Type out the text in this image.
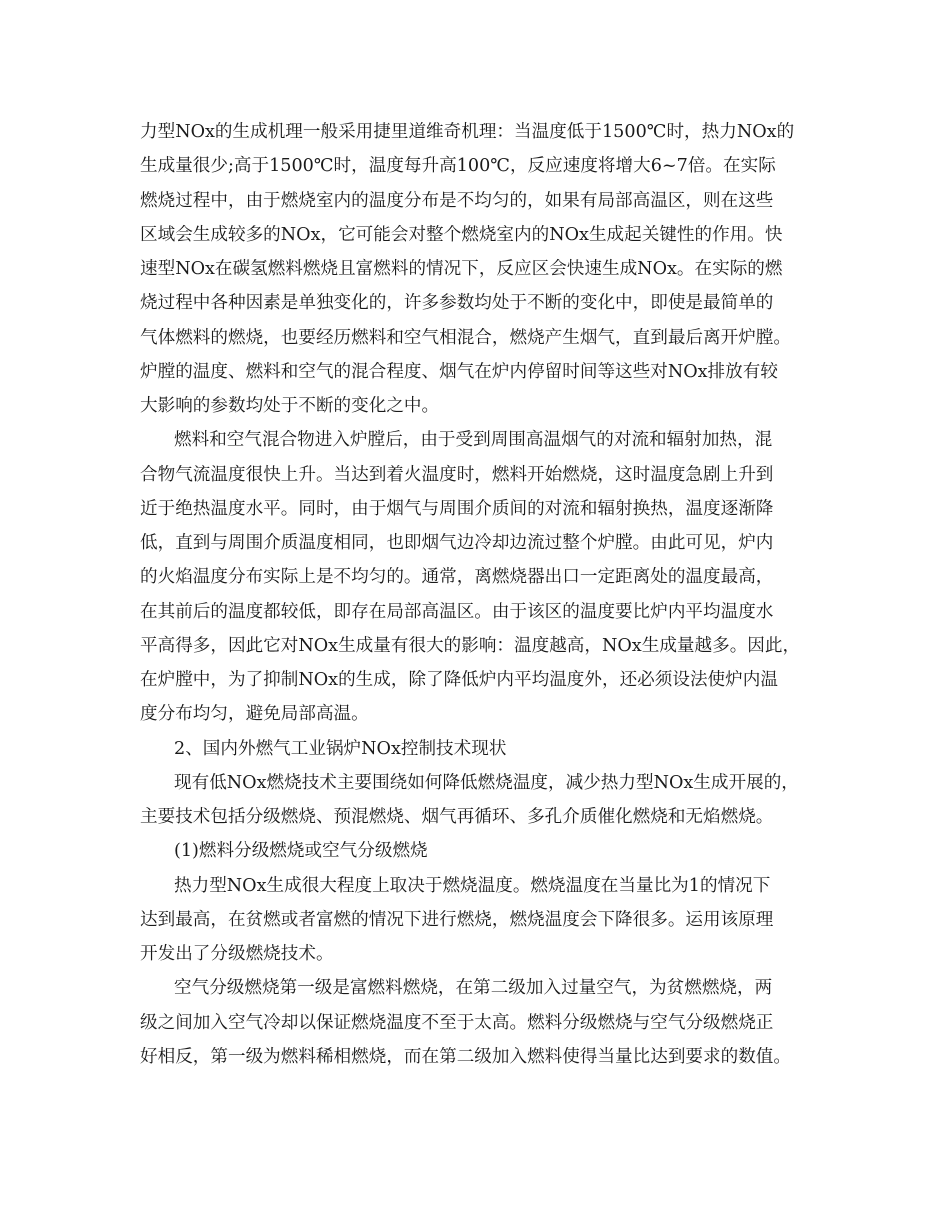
力型NOx的生成机理一般采用捷里道维奇机理：当温度低于1500℃时，热力NOx的
生成量很少;高于1500℃时，温度每升高100℃，反应速度将增大6~7倍。在实际
燃烧过程中，由于燃烧室内的温度分布是不均匀的，如果有局部高温区，则在这些
区域会生成较多的NOx，它可能会对整个燃烧室内的NOx生成起关键性的作用。快
速型NOx在碳氢燃料燃烧且富燃料的情况下，反应区会快速生成NOx。在实际的燃
烧过程中各种因素是单独变化的，许多参数均处于不断的变化中，即使是最简单的
气体燃料的燃烧，也要经历燃料和空气相混合，燃烧产生烟气，直到最后离开炉膛。
炉膛的温度、燃料和空气的混合程度、烟气在炉内停留时间等这些对NOx排放有较
大影响的参数均处于不断的变化之中。
燃料和空气混合物进入炉膛后，由于受到周围高温烟气的对流和辐射加热，混
合物气流温度很快上升。当达到着火温度时，燃料开始燃烧，这时温度急剧上升到
近于绝热温度水平。同时，由于烟气与周围介质间的对流和辐射换热，温度逐渐降
低，直到与周围介质温度相同，也即烟气边冷却边流过整个炉膛。由此可见，炉内
的火焰温度分布实际上是不均匀的。通常，离燃烧器出口一定距离处的温度最高，
在其前后的温度都较低，即存在局部高温区。由于该区的温度要比炉内平均温度水
平高得多，因此它对NOx生成量有很大的影响：温度越高，NOx生成量越多。因此，
在炉膛中，为了抑制NOx的生成，除了降低炉内平均温度外，还必须设法使炉内温
度分布均匀，避免局部高温。
2、国内外燃气工业锅炉NOx控制技术现状
现有低NOx燃烧技术主要围绕如何降低燃烧温度，减少热力型NOx生成开展的，
主要技术包括分级燃烧、预混燃烧、烟气再循环、多孔介质催化燃烧和无焰燃烧。
(1)燃料分级燃烧或空气分级燃烧
热力型NOx生成很大程度上取决于燃烧温度。燃烧温度在当量比为1的情况下
达到最高，在贫燃或者富燃的情况下进行燃烧，燃烧温度会下降很多。运用该原理
开发出了分级燃烧技术。
空气分级燃烧第一级是富燃料燃烧，在第二级加入过量空气，为贫燃燃烧，两
级之间加入空气冷却以保证燃烧温度不至于太高。燃料分级燃烧与空气分级燃烧正
好相反，第一级为燃料稀相燃烧，而在第二级加入燃料使得当量比达到要求的数值。
